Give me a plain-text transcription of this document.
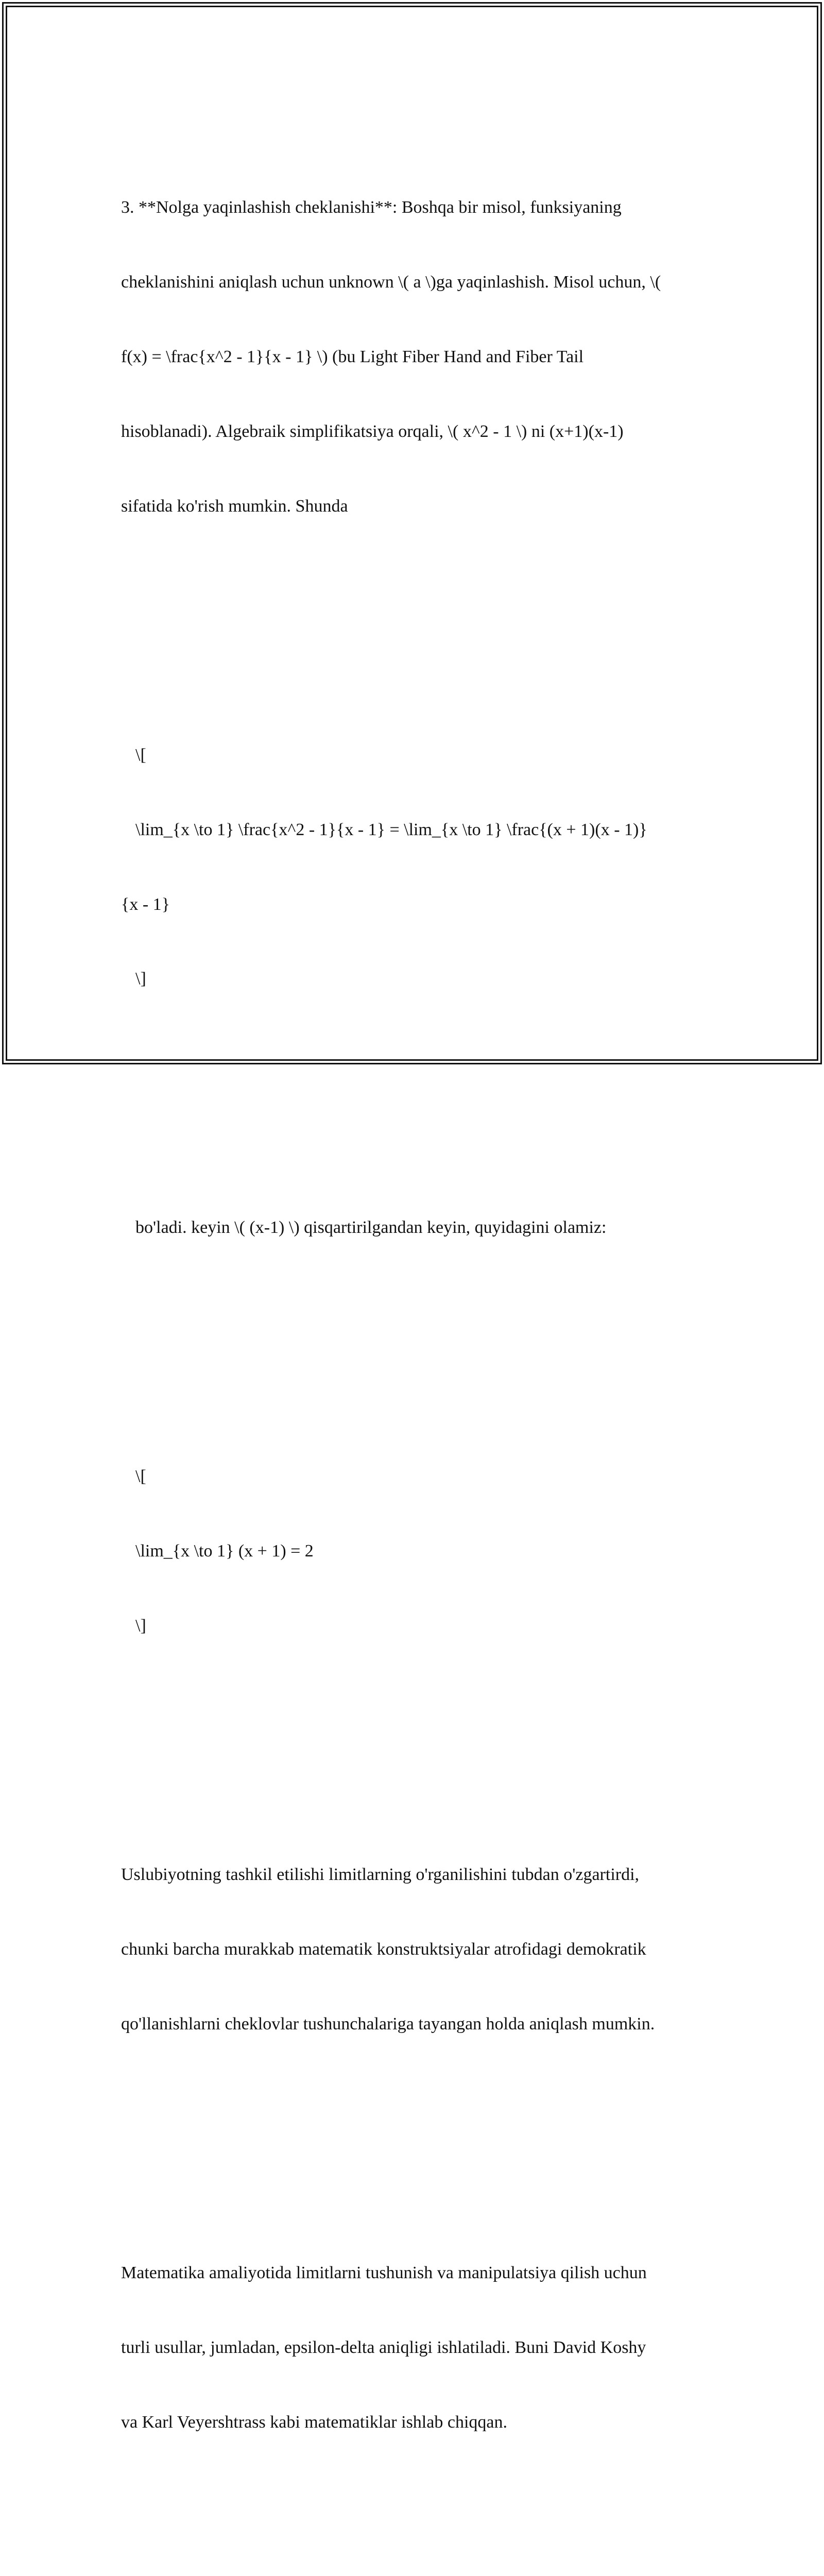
3. **Nolga yaqinlashish cheklanishi**: Boshqa bir misol, funksiyaning

cheklanishini aniqlash uchun unknown \( a \)ga yaqinlashish. Misol uchun, \(

f(x) = \frac{x^2 - 1}{x - 1} \) (bu Light Fiber Hand and Fiber Tail

hisoblanadi). Algebraik simplifikatsiya orqali, \( x^2 - 1 \) ni (x+1)(x-1)

sifatida ko'rish mumkin. Shunda

\[

\lim_{x \to 1} \frac{x^2 - 1}{x - 1} = \lim_{x \to 1} \frac{(x + 1)(x - 1)}

{x - 1}

\]

bo'ladi. keyin \( (x-1) \) qisqartirilgandan keyin, quyidagini olamiz:

\[

\lim_{x \to 1} (x + 1) = 2

\]

Uslubiyotning tashkil etilishi limitlarning o'rganilishini tubdan o'zgartirdi,

chunki barcha murakkab matematik konstruktsiyalar atrofidagi demokratik

qo'llanishlarni cheklovlar tushunchalariga tayangan holda aniqlash mumkin.

Matematika amaliyotida limitlarni tushunish va manipulatsiya qilish uchun

turli usullar, jumladan, epsilon-delta aniqligi ishlatiladi. Buni David Koshy

va Karl Veyershtrass kabi matematiklar ishlab chiqqan.
